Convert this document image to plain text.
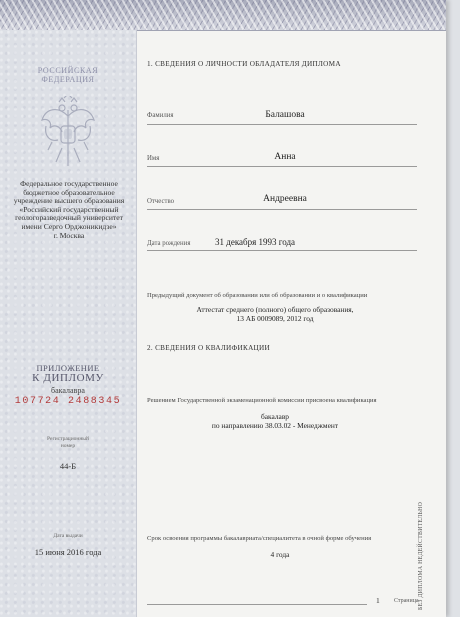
РОССИЙСКАЯ
ФЕДЕРАЦИЯ
Федеральное государственное
бюджетное образовательное
учреждение высшего образования
«Российский государственный
геологоразведочный университет
имени Серго Орджоникидзе»
г. Москва
ПРИЛОЖЕНИЕ
К ДИПЛОМУ
бакалавра
107724 2488345
Регистрационный
номер
44-Б
Дата выдачи
15 июня 2016 года
1. СВЕДЕНИЯ О ЛИЧНОСТИ ОБЛАДАТЕЛЯ ДИПЛОМА
Фамилия	Балашова
Имя	Анна
Отчество	Андреевна
Дата рождения	31 декабря 1993 года
Предыдущий документ об образовании или об образовании и о квалификации
Аттестат среднего (полного) общего образования,
13 АБ 0009089, 2012 год
2. СВЕДЕНИЯ О КВАЛИФИКАЦИИ
Решением Государственной экзаменационной комиссии присвоена квалификация
бакалавр
по направлению 38.03.02 - Менеджмент
Срок освоения программы бакалавриата/специалитета в очной форме обучения
4 года
1 Страница БЕЗ ДИПЛОМА НЕДЕЙСТВИТЕЛЬНО
